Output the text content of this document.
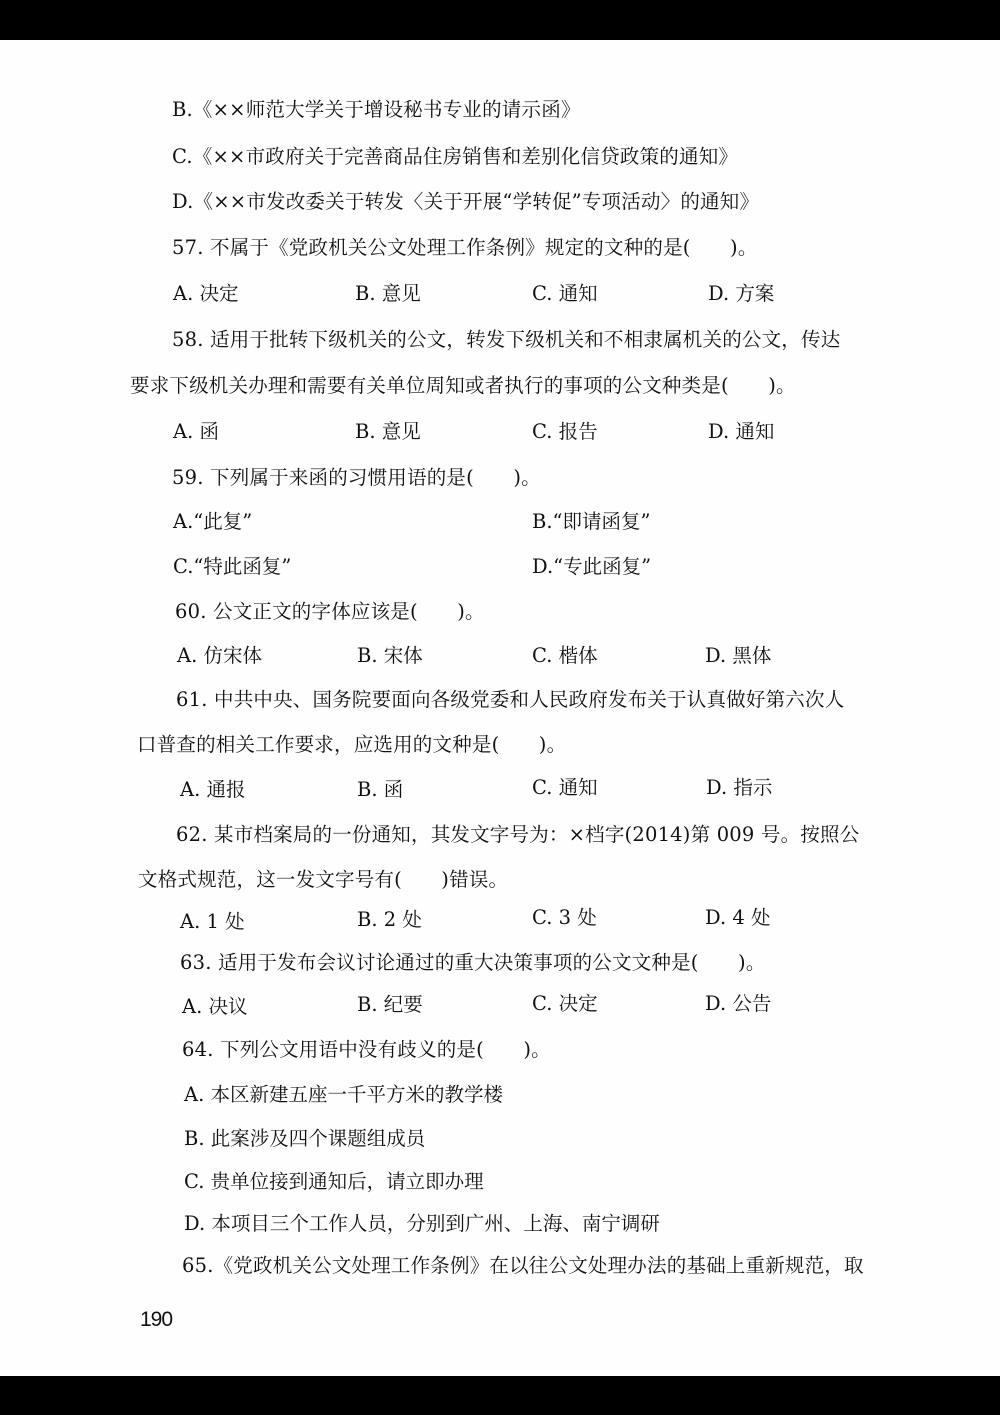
B.《××师范大学关于增设秘书专业的请示函》
C.《××市政府关于完善商品住房销售和差别化信贷政策的通知》
D.《××市发改委关于转发〈关于开展“学转促”专项活动〉的通知》
57. 不属于《党政机关公文处理工作条例》规定的文种的是(　　)。
A. 决定	B. 意见	C. 通知	D. 方案
58. 适用于批转下级机关的公文，转发下级机关和不相隶属机关的公文，传达
要求下级机关办理和需要有关单位周知或者执行的事项的公文种类是(　　)。
A. 函	B. 意见	C. 报告	D. 通知
59. 下列属于来函的习惯用语的是(　　)。
A.“此复”	B.“即请函复”
C.“特此函复”	D.“专此函复”
60. 公文正文的字体应该是(　　)。
A. 仿宋体	B. 宋体	C. 楷体	D. 黑体
61. 中共中央、国务院要面向各级党委和人民政府发布关于认真做好第六次人
口普查的相关工作要求，应选用的文种是(　　)。
A. 通报	B. 函	C. 通知	D. 指示
62. 某市档案局的一份通知，其发文字号为：×档字(2014)第 009 号。按照公
文格式规范，这一发文字号有(　　)错误。
A. 1 处	B. 2 处	C. 3 处	D. 4 处
63. 适用于发布会议讨论通过的重大决策事项的公文文种是(　　)。
A. 决议	B. 纪要	C. 决定	D. 公告
64. 下列公文用语中没有歧义的是(　　)。
A. 本区新建五座一千平方米的教学楼
B. 此案涉及四个课题组成员
C. 贵单位接到通知后，请立即办理
D. 本项目三个工作人员，分别到广州、上海、南宁调研
65.《党政机关公文处理工作条例》在以往公文处理办法的基础上重新规范，取
190
